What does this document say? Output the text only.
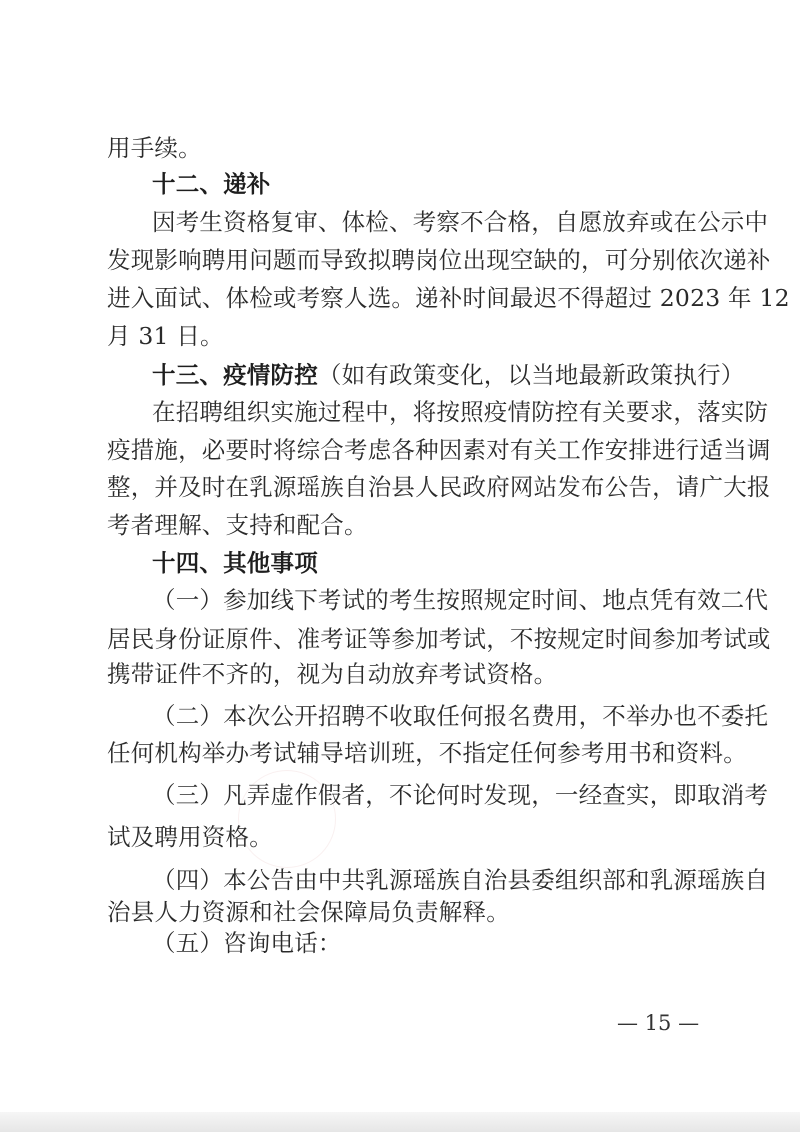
用手续。
十二、递补
因考生资格复审、体检、考察不合格，自愿放弃或在公示中
发现影响聘用问题而导致拟聘岗位出现空缺的，可分别依次递补
进入面试、体检或考察人选。递补时间最迟不得超过 2023 年 12
月 31 日。
十三、疫情防控（如有政策变化，以当地最新政策执行）
在招聘组织实施过程中，将按照疫情防控有关要求，落实防
疫措施，必要时将综合考虑各种因素对有关工作安排进行适当调
整，并及时在乳源瑶族自治县人民政府网站发布公告，请广大报
考者理解、支持和配合。
十四、其他事项
（一）参加线下考试的考生按照规定时间、地点凭有效二代
居民身份证原件、准考证等参加考试，不按规定时间参加考试或
携带证件不齐的，视为自动放弃考试资格。
（二）本次公开招聘不收取任何报名费用，不举办也不委托
任何机构举办考试辅导培训班，不指定任何参考用书和资料。
（三）凡弄虚作假者，不论何时发现，一经查实，即取消考
试及聘用资格。
（四）本公告由中共乳源瑶族自治县委组织部和乳源瑶族自
治县人力资源和社会保障局负责解释。
（五）咨询电话：
— 15 —
